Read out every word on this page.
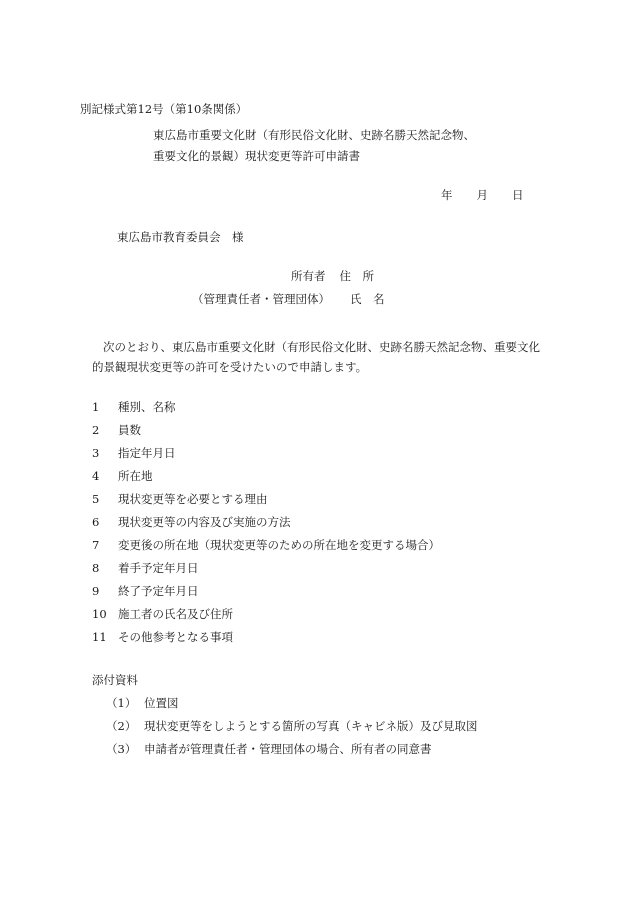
別記様式第12号（第10条関係）
東広島市重要文化財（有形民俗文化財、史跡名勝天然記念物、
重要文化的景観）現状変更等許可申請書
年 月 日
東広島市教育委員会　様
所有者 住　所
（管理責任者・管理団体） 氏　名
次のとおり、東広島市重要文化財（有形民俗文化財、史跡名勝天然記念物、重要文化
的景観現状変更等の許可を受けたいので申請します。
1 種別、名称
2 員数
3 指定年月日
4 所在地
5 現状変更等を必要とする理由
6 現状変更等の内容及び実施の方法
7 変更後の所在地（現状変更等のための所在地を変更する場合）
8 着手予定年月日
9 終了予定年月日
10 施工者の氏名及び住所
11 その他参考となる事項
添付資料
（1） 位置図
（2） 現状変更等をしようとする箇所の写真（キャビネ版）及び見取図
（3） 申請者が管理責任者・管理団体の場合、所有者の同意書
